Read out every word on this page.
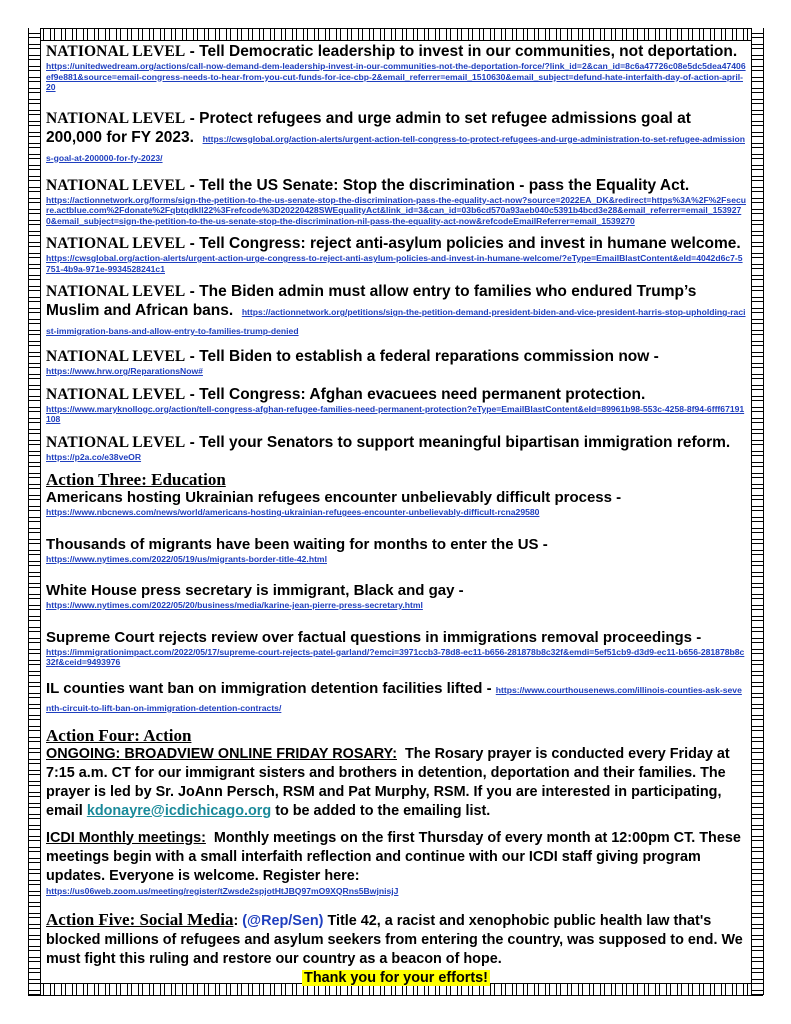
NATIONAL LEVEL - Tell Democratic leadership to invest in our communities, not deportation.
https://unitedwedream.org/actions/call-now-demand-dem-leadership-invest-in-our-communities-not-the-deportation-force/?link_id=2&can_id=8c6a47726c08e5dc5dea47406ef9e881&source=email-congress-needs-to-hear-from-you-cut-funds-for-ice-cbp-2&email_referrer=email_1510630&email_subject=defund-hate-interfaith-day-of-action-april-20
NATIONAL LEVEL - Protect refugees and urge admin to set refugee admissions goal at 200,000 for FY 2023. https://cwsglobal.org/action-alerts/urgent-action-tell-congress-to-protect-refugees-and-urge-administration-to-set-refugee-admissions-goal-at-200000-for-fy-2023/
NATIONAL LEVEL - Tell the US Senate: Stop the discrimination - pass the Equality Act.
https://actionnetwork.org/forms/sign-the-petition-to-the-us-senate-stop-the-discrimination-pass-the-equality-act-now?source=2022EA_DK&redirect=https%3A%2F%2Fsecure.actblue.com%2Fdonate%2Fqbtqdkll22%3Frefcode%3D20220428SWEqualityAct&link_id=3&can_id=03b6cd570a93aeb040c5391b4bcd3e28&email_referrer=email_1539270&email_subject=sign-the-petition-to-the-us-senate-stop-the-discrimination-nil-pass-the-equality-act-now&refcodeEmailReferrer=email_1539270
NATIONAL LEVEL - Tell Congress: reject anti-asylum policies and invest in humane welcome.
https://cwsglobal.org/action-alerts/urgent-action-urge-congress-to-reject-anti-asylum-policies-and-invest-in-humane-welcome/?eType=EmailBlastContent&eId=4042d6c7-5751-4b9a-971e-9934528241c1
NATIONAL LEVEL - The Biden admin must allow entry to families who endured Trump’s Muslim and African bans. https://actionnetwork.org/petitions/sign-the-petition-demand-president-biden-and-vice-president-harris-stop-upholding-racist-immigration-bans-and-allow-entry-to-families-trump-denied
NATIONAL LEVEL - Tell Biden to establish a federal reparations commission now -
https://www.hrw.org/ReparationsNow#
NATIONAL LEVEL - Tell Congress: Afghan evacuees need permanent protection.
https://www.maryknollogc.org/action/tell-congress-afghan-refugee-families-need-permanent-protection?eType=EmailBlastContent&eId=89961b98-553c-4258-8f94-6fff67191108
NATIONAL LEVEL - Tell your Senators to support meaningful bipartisan immigration reform.
https://p2a.co/e38veOR
Action Three: Education
Americans hosting Ukrainian refugees encounter unbelievably difficult process -
https://www.nbcnews.com/news/world/americans-hosting-ukrainian-refugees-encounter-unbelievably-difficult-rcna29580
Thousands of migrants have been waiting for months to enter the US -
https://www.nytimes.com/2022/05/19/us/migrants-border-title-42.html
White House press secretary is immigrant, Black and gay -
https://www.nytimes.com/2022/05/20/business/media/karine-jean-pierre-press-secretary.html
Supreme Court rejects review over factual questions in immigrations removal proceedings -
https://immigrationimpact.com/2022/05/17/supreme-court-rejects-patel-garland/?emci=3971ccb3-78d8-ec11-b656-281878b8c32f&emdi=5ef51cb9-d3d9-ec11-b656-281878b8c32f&ceid=9493976
IL counties want ban on immigration detention facilities lifted - https://www.courthousenews.com/illinois-counties-ask-seventh-circuit-to-lift-ban-on-immigration-detention-contracts/
Action Four: Action
ONGOING: BROADVIEW ONLINE FRIDAY ROSARY: The Rosary prayer is conducted every Friday at 7:15 a.m. CT for our immigrant sisters and brothers in detention, deportation and their families. The prayer is led by Sr. JoAnn Persch, RSM and Pat Murphy, RSM. If you are interested in participating, email kdonayre@icdichicago.org to be added to the emailing list.
ICDI Monthly meetings: Monthly meetings on the first Thursday of every month at 12:00pm CT. These meetings begin with a small interfaith reflection and continue with our ICDI staff giving program updates. Everyone is welcome. Register here:
https://us06web.zoom.us/meeting/register/tZwsde2spjotHtJBQ97mO9XQRns5BwjnisjJ
Action Five: Social Media: (@Rep/Sen) Title 42, a racist and xenophobic public health law that's blocked millions of refugees and asylum seekers from entering the country, was supposed to end. We must fight this ruling and restore our country as a beacon of hope.
Thank you for your efforts!
